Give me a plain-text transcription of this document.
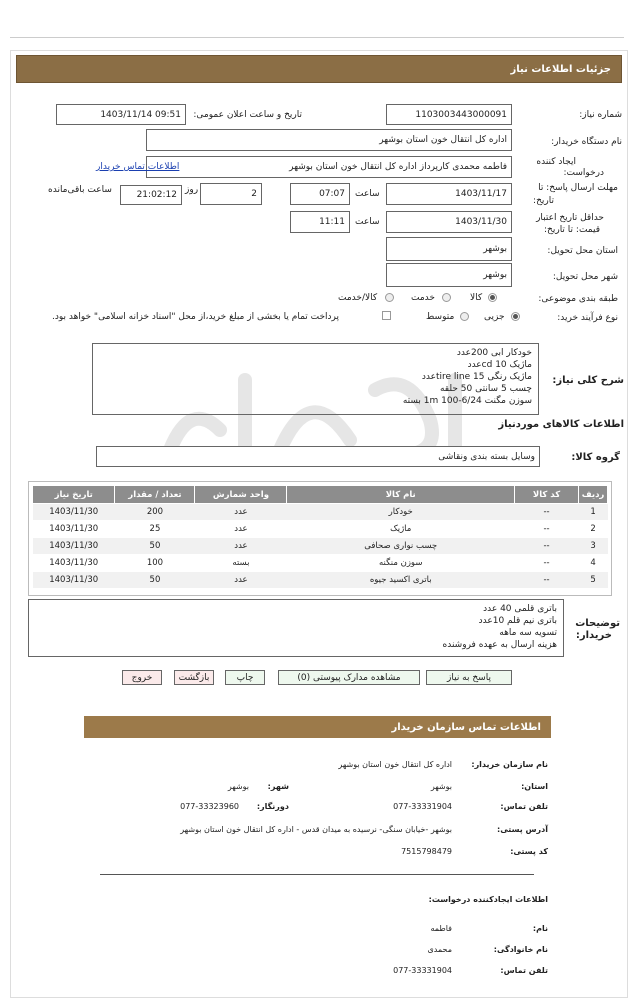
جزئیات اطلاعات نیاز
شماره نیاز:
1103003443000091
تاریخ و ساعت اعلان عمومی:
1403/11/14 09:51
نام دستگاه خریدار:
اداره کل انتقال خون استان بوشهر
ایجاد کننده
درخواست:
فاطمه محمدی کارپرداز اداره کل انتقال خون استان بوشهر
اطلاعات تماس خریدار
مهلت ارسال پاسخ: تا
تاریخ:
1403/11/17
ساعت
07:07
2
روز
21:02:12
ساعت باقی‌مانده
حداقل تاریخ اعتبار
قیمت: تا تاریخ:
1403/11/30
ساعت
11:11
استان محل تحویل:
بوشهر
شهر محل تحویل:
بوشهر
طبقه بندی موضوعی:
کالا
خدمت
کالا/خدمت
نوع فرآیند خرید:
جزیی
متوسط
پرداخت تمام یا بخشی از مبلغ خرید،از محل "اسناد خزانه اسلامی" خواهد بود.
شرح کلی نیاز:
خودکار ابی 200عدد
ماژیک cd 10عدد
ماژیک رنگی tire line 15عدد
چسب 5 سانتی 50 حلقه
سوزن مگنت 6/24-100 1m بسته
اطلاعات کالاهای موردنیاز
گروه کالا:
وسایل بسته بندی ونقاشی
ردیف	کد کالا	نام کالا	واحد شمارش	تعداد / مقدار	تاریخ نیاز
1	--	خودکار	عدد	200	1403/11/30
2	--	ماژیک	عدد	25	1403/11/30
3	--	چسب نواری صحافی	عدد	50	1403/11/30
4	--	سوزن منگنه	بسته	100	1403/11/30
5	--	باتری اکسید جیوه	عدد	50	1403/11/30
توضیحات
خریدار:
باتری قلمی 40 عدد
باتری نیم قلم 10عدد
تسویه سه ماهه
هزینه ارسال به عهده فروشنده
پاسخ به نیاز
مشاهده مدارک پیوستی (0)
چاپ
بازگشت
خروج
اطلاعات تماس سازمان خریدار
نام سازمان خریدار:
اداره کل انتقال خون استان بوشهر
استان:
بوشهر
شهر:
بوشهر
تلفن تماس:
077-33331904
دورنگار:
077-33323960
آدرس پستی:
بوشهر -خیابان سنگی- نرسیده به میدان قدس - اداره کل انتقال خون استان بوشهر
کد پستی:
7515798479
اطلاعات ایجادکننده درخواست:
نام:
فاطمه
نام خانوادگی:
محمدی
تلفن تماس:
077-33331904
